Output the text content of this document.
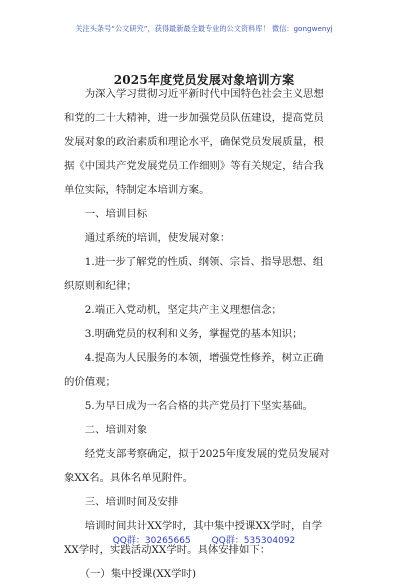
关注头条号“公文研究”，获得最新最全最专业的公文资料库！ 微信：gongwenyj
2025年度党员发展对象培训方案
　　为深入学习贯彻习近平新时代中国特色社会主义思想
和党的二十大精神，进一步加强党员队伍建设，提高党员
发展对象的政治素质和理论水平，确保党员发展质量，根
据《中国共产党发展党员工作细则》等有关规定，结合我
单位实际，特制定本培训方案。
　　一、培训目标
　　通过系统的培训，使发展对象：
　　1.进一步了解党的性质、纲领、宗旨、指导思想、组
织原则和纪律；
　　2.端正入党动机，坚定共产主义理想信念；
　　3.明确党员的权利和义务，掌握党的基本知识；
　　4.提高为人民服务的本领，增强党性修养，树立正确
的价值观；
　　5.为早日成为一名合格的共产党员打下坚实基础。
　　二、培训对象
　　经党支部考察确定，拟于2025年度发展的党员发展对
象XX名。具体名单见附件。
　　三、培训时间及安排
　　培训时间共计XX学时，其中集中授课XX学时，自学
XX学时，实践活动XX学时。具体安排如下：
　　（一）集中授课(XX学时)
QQ群：30265665 QQ群：535304092
